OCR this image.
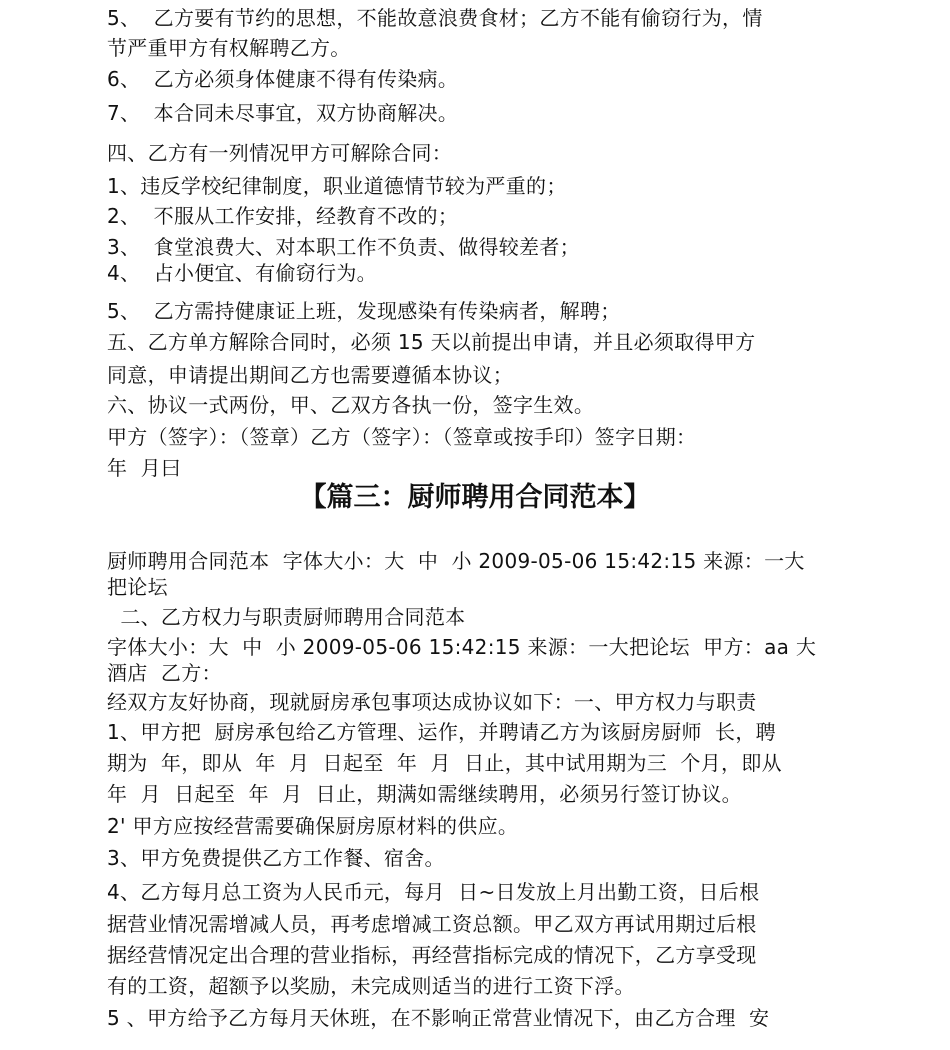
5、  乙方要有节约的思想，不能故意浪费食材；乙方不能有偷窃行为，情

节严重甲方有权解聘乙方。

6、  乙方必须身体健康不得有传染病。

7、  本合同未尽事宜，双方协商解决。

四、乙方有一列情况甲方可解除合同：

1、违反学校纪律制度，职业道德情节较为严重的；

2、  不服从工作安排，经教育不改的；

3、  食堂浪费大、对本职工作不负责、做得较差者；

4、  占小便宜、有偷窃行为。

5、  乙方需持健康证上班，发现感染有传染病者，解聘；

五、乙方单方解除合同时，必须 15 天以前提出申请，并且必须取得甲方

同意，申请提出期间乙方也需要遵循本协议；

六、协议一式两份，甲、乙双方各执一份，签字生效。

甲方（签字）：（签章）乙方（签字）：（签章或按手印）签字日期：

年  月曰

【篇三：厨师聘用合同范本】

厨师聘用合同范本  字体大小：大  中  小 2009-05-06 15:42:15 来源：一大

把论坛

二、乙方权力与职责厨师聘用合同范本

字体大小：大  中  小 2009-05-06 15:42:15 来源：一大把论坛  甲方：aa 大

酒店  乙方：

经双方友好协商，现就厨房承包事项达成协议如下：一、甲方权力与职责

1、甲方把  厨房承包给乙方管理、运作，并聘请乙方为该厨房厨师  长，聘

期为  年，即从  年  月  日起至  年  月  日止，其中试用期为三  个月，即从

年  月  日起至  年  月  日止，期满如需继续聘用，必须另行签订协议。

2' 甲方应按经营需要确保厨房原材料的供应。

3、甲方免费提供乙方工作餐、宿舍。

4、乙方每月总工资为人民币元，每月  日~日发放上月出勤工资，日后根

据营业情况需增减人员，再考虑增减工资总额。甲乙双方再试用期过后根

据经营情况定出合理的营业指标，再经营指标完成的情况下，乙方享受现

有的工资，超额予以奖励，未完成则适当的进行工资下浮。

5 、甲方给予乙方每月天休班，在不影响正常营业情况下，由乙方合理  安
